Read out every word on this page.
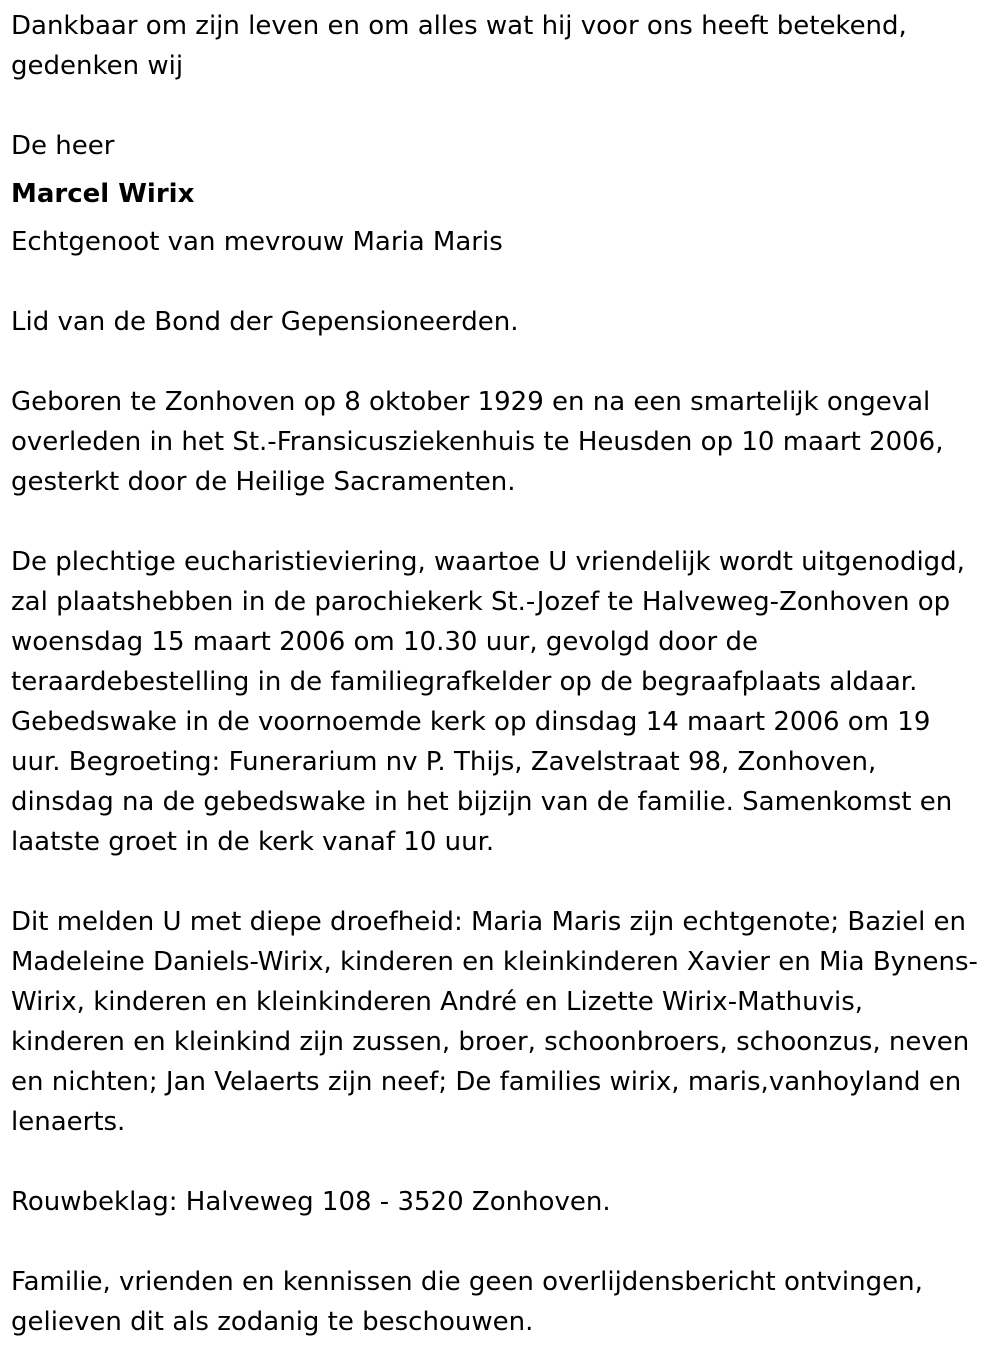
Dankbaar om zijn leven en om alles wat hij voor ons heeft betekend,
gedenken wij
De heer
Marcel Wirix
Echtgenoot van mevrouw Maria Maris
Lid van de Bond der Gepensioneerden.
Geboren te Zonhoven op 8 oktober 1929 en na een smartelijk ongeval
overleden in het St.-Fransicusziekenhuis te Heusden op 10 maart 2006,
gesterkt door de Heilige Sacramenten.
De plechtige eucharistieviering, waartoe U vriendelijk wordt uitgenodigd,
zal plaatshebben in de parochiekerk St.-Jozef te Halveweg-Zonhoven op
woensdag 15 maart 2006 om 10.30 uur, gevolgd door de
teraardebestelling in de familiegrafkelder op de begraafplaats aldaar.
Gebedswake in de voornoemde kerk op dinsdag 14 maart 2006 om 19
uur. Begroeting: Funerarium nv P. Thijs, Zavelstraat 98, Zonhoven,
dinsdag na de gebedswake in het bijzijn van de familie. Samenkomst en
laatste groet in de kerk vanaf 10 uur.
Dit melden U met diepe droefheid: Maria Maris zijn echtgenote; Baziel en
Madeleine Daniels-Wirix, kinderen en kleinkinderen Xavier en Mia Bynens-
Wirix, kinderen en kleinkinderen André en Lizette Wirix-Mathuvis,
kinderen en kleinkind zijn zussen, broer, schoonbroers, schoonzus, neven
en nichten; Jan Velaerts zijn neef; De families wirix, maris,vanhoyland en
lenaerts.
Rouwbeklag: Halveweg 108 - 3520 Zonhoven.
Familie, vrienden en kennissen die geen overlijdensbericht ontvingen,
gelieven dit als zodanig te beschouwen.
